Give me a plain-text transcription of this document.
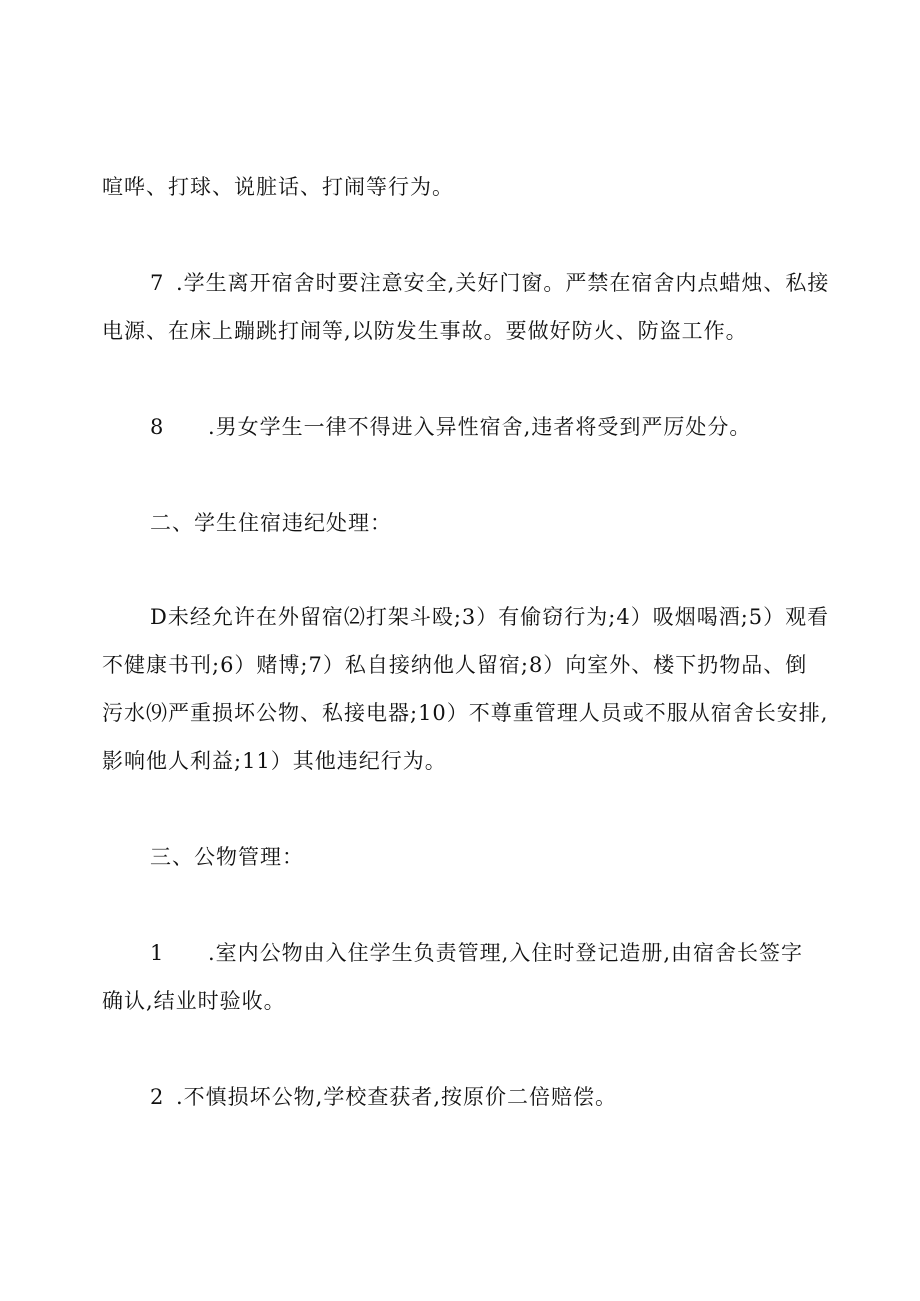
喧哗、打球、说脏话、打闹等行为。
7 .学生离开宿舍时要注意安全,关好门窗。严禁在宿舍内点蜡烛、私接
电源、在床上蹦跳打闹等,以防发生事故。要做好防火、防盗工作。
8 .男女学生一律不得进入异性宿舍,违者将受到严厉处分。
二、学生住宿违纪处理：
D未经允许在外留宿⑵打架斗殴;3）有偷窃行为;4）吸烟喝酒;5）观看
不健康书刊;6）赌博;7）私自接纳他人留宿;8）向室外、楼下扔物品、倒
污水⑼严重损坏公物、私接电器;10）不尊重管理人员或不服从宿舍长安排,
影响他人利益;11）其他违纪行为。
三、公物管理：
1 .室内公物由入住学生负责管理,入住时登记造册,由宿舍长签字
确认,结业时验收。
2 .不慎损坏公物,学校查获者,按原价二倍赔偿。
